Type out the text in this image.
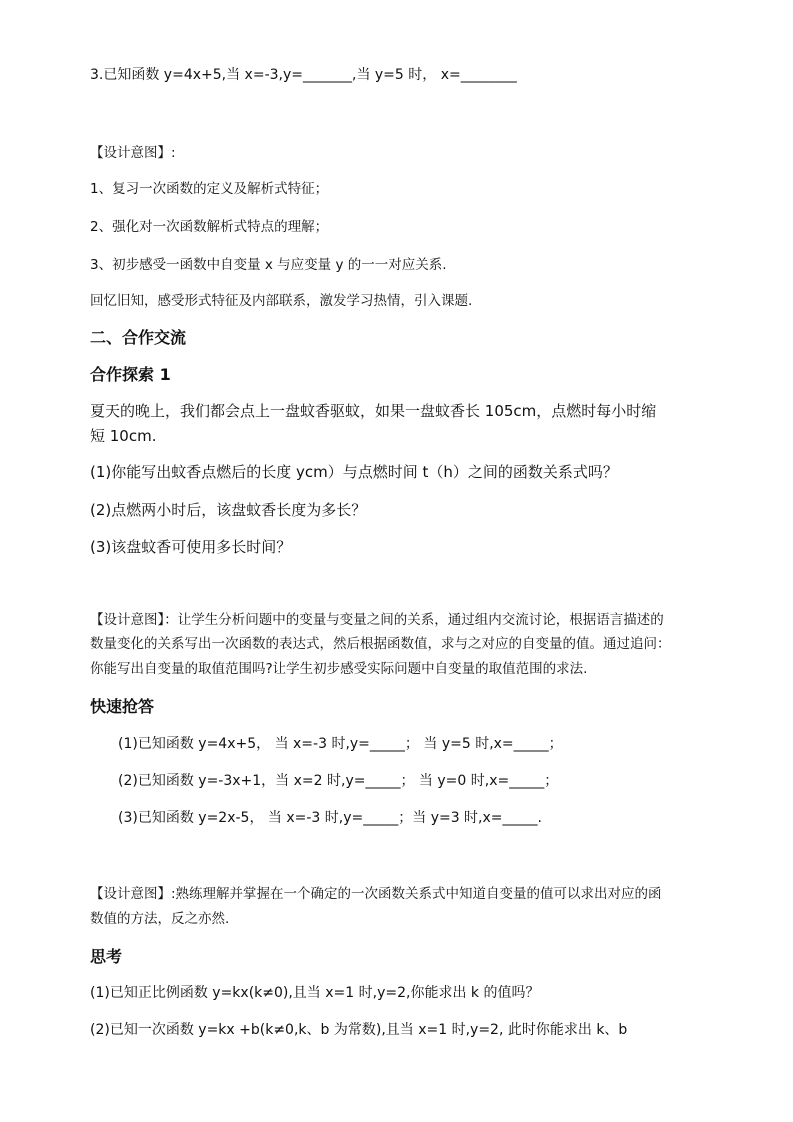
3.已知函数 y=4x+5,当 x=-3,y=_______,当 y=5 时， x=________
【设计意图】:
1、复习一次函数的定义及解析式特征；
2、强化对一次函数解析式特点的理解；
3、初步感受一函数中自变量 x 与应变量 y 的一一对应关系.
回忆旧知，感受形式特征及内部联系，激发学习热情，引入课题.
二、合作交流
合作探索 1
夏天的晚上，我们都会点上一盘蚊香驱蚊，如果一盘蚊香长 105cm，点燃时每小时缩
短 10cm.
(1)你能写出蚊香点燃后的长度 ycm）与点燃时间 t（h）之间的函数关系式吗？
(2)点燃两小时后，该盘蚊香长度为多长？
(3)该盘蚊香可使用多长时间？
【设计意图】：让学生分析问题中的变量与变量之间的关系，通过组内交流讨论，根据语言描述的
数量变化的关系写出一次函数的表达式，然后根据函数值，求与之对应的自变量的值。通过追问：
你能写出自变量的取值范围吗?让学生初步感受实际问题中自变量的取值范围的求法.
快速抢答
(1)已知函数 y=4x+5， 当 x=-3 时,y=_____； 当 y=5 时,x=_____；
(2)已知函数 y=-3x+1，当 x=2 时,y=_____； 当 y=0 时,x=_____；
(3)已知函数 y=2x-5， 当 x=-3 时,y=_____；当 y=3 时,x=_____.
【设计意图】:熟练理解并掌握在一个确定的一次函数关系式中知道自变量的值可以求出对应的函
数值的方法，反之亦然.
思考
(1)已知正比例函数 y=kx(k≠0),且当 x=1 时,y=2,你能求出 k 的值吗？
(2)已知一次函数 y=kx +b(k≠0,k、b 为常数),且当 x=1 时,y=2, 此时你能求出 k、b
